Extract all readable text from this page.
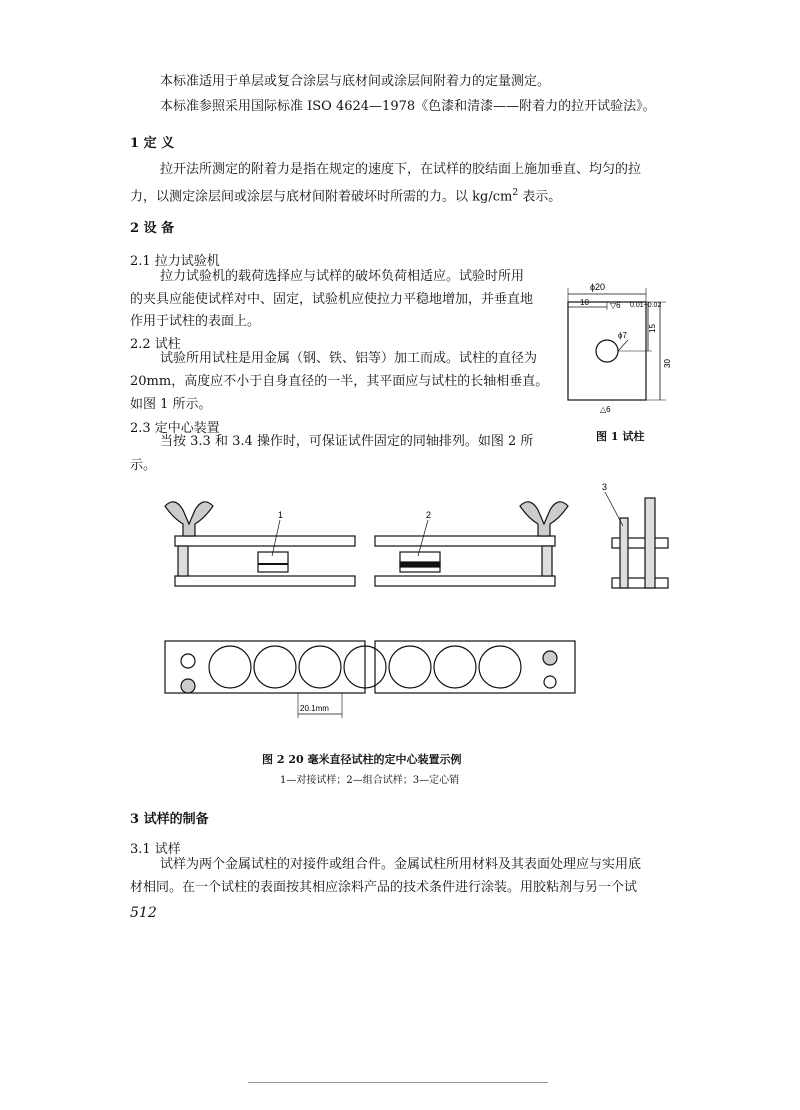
本标准适用于单层或复合涂层与底材间或涂层间附着力的定量测定。
本标准参照采用国际标准 ISO 4624—1978《色漆和清漆——附着力的拉开试验法》。
1 定 义
拉开法所测定的附着力是指在规定的速度下，在试样的胶结面上施加垂直、均匀的拉
力，以测定涂层间或涂层与底材间附着破坏时所需的力。以 $kg/cm^2$ 表示。
2 设 备
2.1 拉力试验机
拉力试验机的载荷选择应与试样的破坏负荷相适应。试验时所用
的夹具应能使试样对中、固定，试验机应使拉力平稳地增加，并垂直地
作用于试柱的表面上。
2.2 试柱
试验所用试柱是用金属（钢、铁、铝等）加工而成。试柱的直径为
20mm，高度应不小于自身直径的一半，其平面应与试柱的长轴相垂直。
如图 1 所示。
2.3 定中心装置
当按 3.3 和 3.4 操作时，可保证试件固定的同轴排列。如图 2 所
示。
ϕ20
10	▽6 0.01~0.02
ϕ7
15
30
△6
图 1 试柱
1	2
3
20.1mm
图 2 20 毫米直径试柱的定中心装置示例
1—对接试样；2—组合试样；3—定心销
3 试样的制备
3.1 试样
试样为两个金属试柱的对接件或组合件。金属试柱所用材料及其表面处理应与实用底
材相同。在一个试柱的表面按其相应涂料产品的技术条件进行涂装。用胶粘剂与另一个试
512
